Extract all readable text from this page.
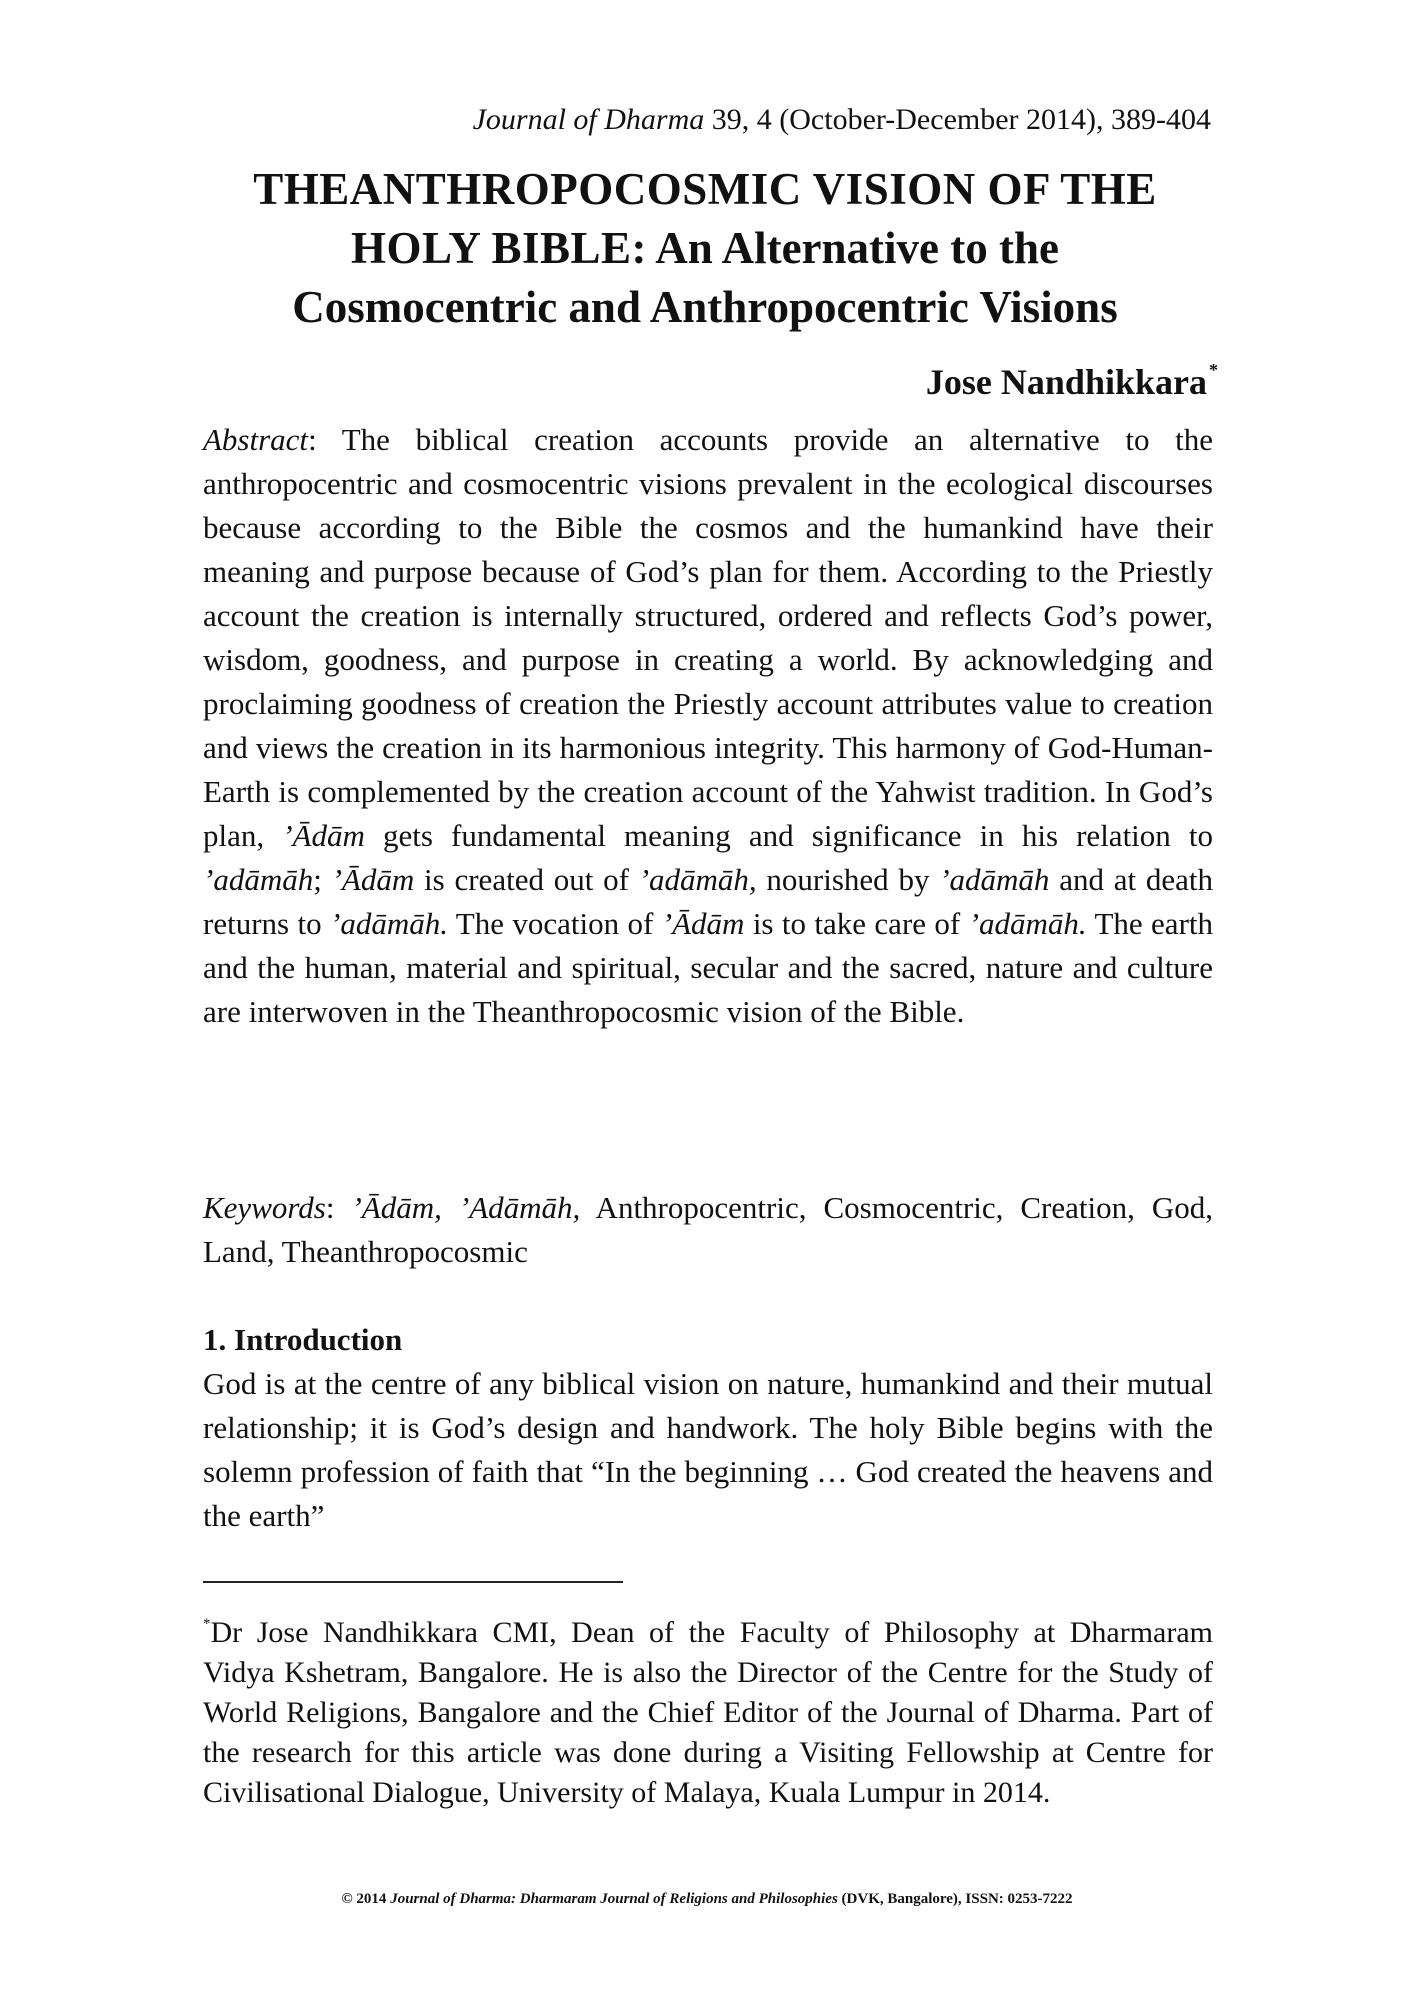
Journal of Dharma 39, 4 (October-December 2014), 389-404
THEANTHROPOCOSMIC VISION OF THE
HOLY BIBLE: An Alternative to the
Cosmocentric and Anthropocentric Visions
Jose Nandhikkara *

Abstract: The biblical creation accounts provide an alternative to the anthropocentric and cosmocentric visions prevalent in the ecological discourses because according to the Bible the cosmos and the humankind have their meaning and purpose because of God’s plan for them. According to the Priestly account the creation is internally structured, ordered and reflects God’s power, wisdom, goodness, and purpose in creating a world. By acknowledging and proclaiming goodness of creation the Priestly account attributes value to creation and views the creation in its harmonious integrity. This harmony of God-Human-Earth is complemented by the creation account of the Yahwist tradition. In God’s plan, ’Ādām gets fundamental meaning and significance in his relation to ’adāmāh; ’Ādām is created out of ’adāmāh, nourished by ’adāmāh and at death returns to ’adāmāh. The vocation of ’Ādām is to take care of ’adāmāh. The earth and the human, material and spiritual, secular and the sacred, nature and culture are interwoven in the Theanthropocosmic vision of the Bible.

Keywords: ’Ādām, ’Adāmāh, Anthropocentric, Cosmocentric, Creation, God, Land, Theanthropocosmic

1. Introduction

God is at the centre of any biblical vision on nature, humankind and their mutual relationship; it is God’s design and handwork. The holy Bible begins with the solemn profession of faith that “In the beginning … God created the heavens and the earth”

*Dr Jose Nandhikkara CMI, Dean of the Faculty of Philosophy at Dharmaram Vidya Kshetram, Bangalore. He is also the Director of the Centre for the Study of World Religions, Bangalore and the Chief Editor of the Journal of Dharma. Part of the research for this article was done during a Visiting Fellowship at Centre for Civilisational Dialogue, University of Malaya, Kuala Lumpur in 2014.

© 2014 Journal of Dharma: Dharmaram Journal of Religions and Philosophies (DVK, Bangalore), ISSN: 0253-7222
